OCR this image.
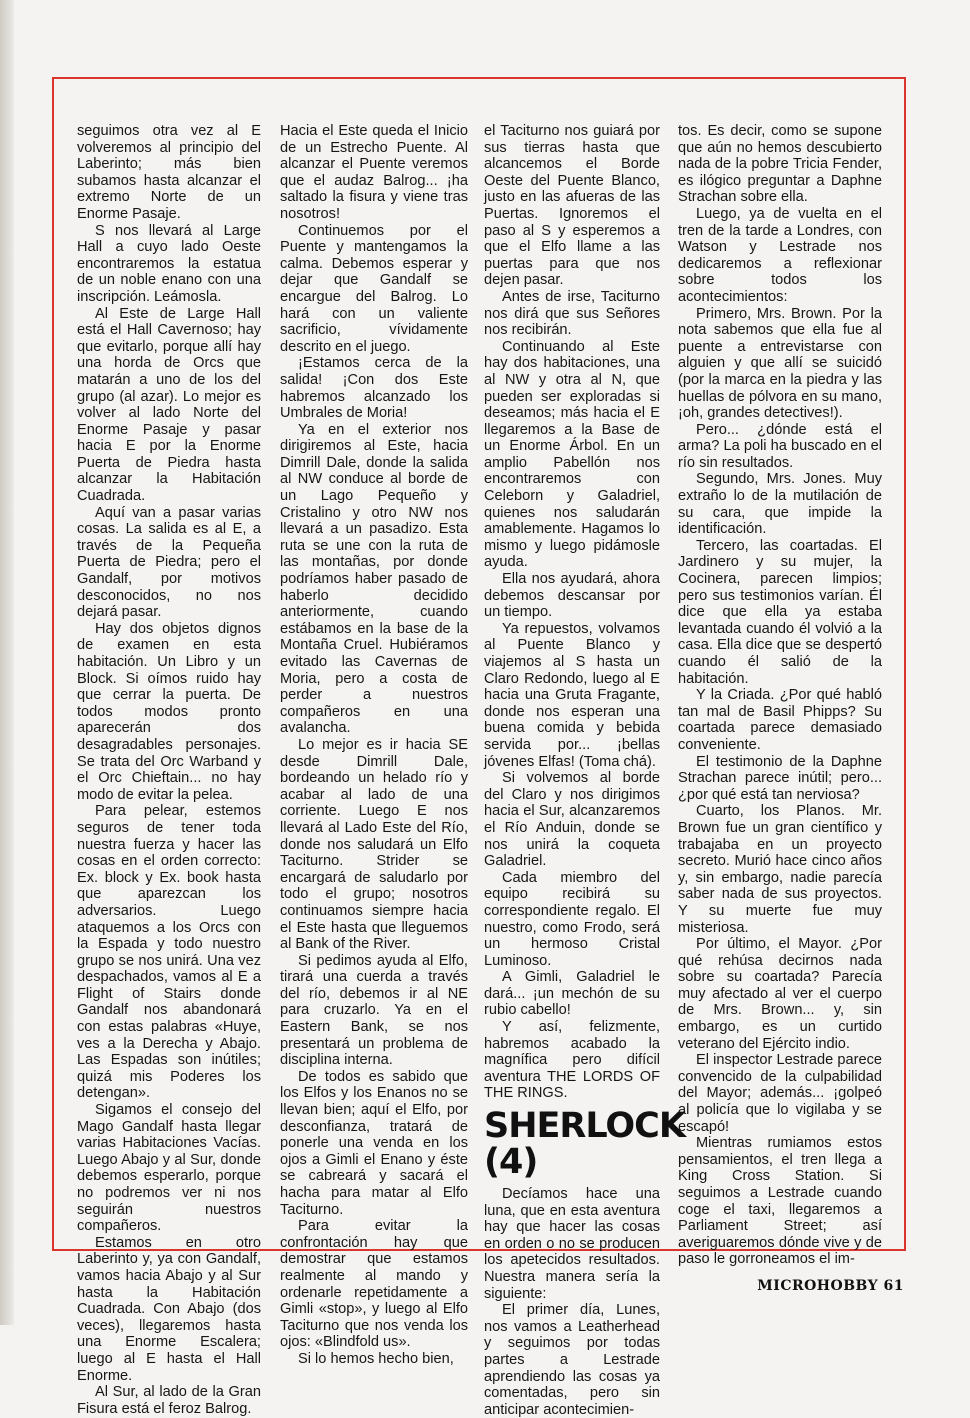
seguimos otra vez al E volveremos al principio del Laberinto; más bien subamos hasta alcanzar el extremo Norte de un Enorme Pasaje.

S nos llevará al Large Hall a cuyo lado Oeste encontraremos la estatua de un noble enano con una inscripción. Leámosla.

Al Este de Large Hall está el Hall Cavernoso; hay que evitarlo, porque allí hay una horda de Orcs que matarán a uno de los del grupo (al azar). Lo mejor es volver al lado Norte del Enorme Pasaje y pasar hacia E por la Enorme Puerta de Piedra hasta alcanzar la Habitación Cuadrada.

Aquí van a pasar varias cosas. La salida es al E, a través de la Pequeña Puerta de Piedra; pero el Gandalf, por motivos desconocidos, no nos dejará pasar.

Hay dos objetos dignos de examen en esta habitación. Un Libro y un Block. Si oímos ruido hay que cerrar la puerta. De todos modos pronto aparecerán dos desagradables personajes. Se trata del Orc Warband y el Orc Chieftain... no hay modo de evitar la pelea.

Para pelear, estemos seguros de tener toda nuestra fuerza y hacer las cosas en el orden correcto: Ex. block y Ex. book hasta que aparezcan los adversarios. Luego ataquemos a los Orcs con la Espada y todo nuestro grupo se nos unirá. Una vez despachados, vamos al E a Flight of Stairs donde Gandalf nos abandonará con estas palabras «Huye, ves a la Derecha y Abajo. Las Espadas son inútiles; quizá mis Poderes los detengan».

Sigamos el consejo del Mago Gandalf hasta llegar varias Habitaciones Vacías. Luego Abajo y al Sur, donde debemos esperarlo, porque no podremos ver ni nos seguirán nuestros compañeros.

Estamos en otro Laberinto y, ya con Gandalf, vamos hacia Abajo y al Sur hasta la Habitación Cuadrada. Con Abajo (dos veces), llegaremos hasta una Enorme Escalera; luego al E hasta el Hall Enorme.

Al Sur, al lado de la Gran Fisura está el feroz Balrog.

Hacia el Este queda el Inicio de un Estrecho Puente. Al alcanzar el Puente veremos que el audaz Balrog... ¡ha saltado la fisura y viene tras nosotros!

Continuemos por el Puente y mantengamos la calma. Debemos esperar y dejar que Gandalf se encargue del Balrog. Lo hará con un valiente sacrificio, vívidamente descrito en el juego.

¡Estamos cerca de la salida! ¡Con dos Este habremos alcanzado los Umbrales de Moria!

Ya en el exterior nos dirigiremos al Este, hacia Dimrill Dale, donde la salida al NW conduce al borde de un Lago Pequeño y Cristalino y otro NW nos llevará a un pasadizo. Esta ruta se une con la ruta de las montañas, por donde podríamos haber pasado de haberlo decidido anteriormente, cuando estábamos en la base de la Montaña Cruel. Hubiéramos evitado las Cavernas de Moria, pero a costa de perder a nuestros compañeros en una avalancha.

Lo mejor es ir hacia SE desde Dimrill Dale, bordeando un helado río y acabar al lado de una corriente. Luego E nos llevará al Lado Este del Río, donde nos saludará un Elfo Taciturno. Strider se encargará de saludarlo por todo el grupo; nosotros continuamos siempre hacia el Este hasta que lleguemos al Bank of the River.

Si pedimos ayuda al Elfo, tirará una cuerda a través del río, debemos ir al NE para cruzarlo. Ya en el Eastern Bank, se nos presentará un problema de disciplina interna.

De todos es sabido que los Elfos y los Enanos no se llevan bien; aquí el Elfo, por desconfianza, tratará de ponerle una venda en los ojos a Gimli el Enano y éste se cabreará y sacará el hacha para matar al Elfo Taciturno.

Para evitar la confrontación hay que demostrar que estamos realmente al mando y ordenarle repetidamente a Gimli «stop», y luego al Elfo Taciturno que nos venda los ojos: «Blindfold us».

Si lo hemos hecho bien,

el Taciturno nos guiará por sus tierras hasta que alcancemos el Borde Oeste del Puente Blanco, justo en las afueras de las Puertas. Ignoremos el paso al S y esperemos a que el Elfo llame a las puertas para que nos dejen pasar.

Antes de irse, Taciturno nos dirá que sus Señores nos recibirán.

Continuando al Este hay dos habitaciones, una al NW y otra al N, que pueden ser exploradas si deseamos; más hacia el E llegaremos a la Base de un Enorme Árbol. En un amplio Pabellón nos encontraremos con Celeborn y Galadriel, quienes nos saludarán amablemente. Hagamos lo mismo y luego pidámosle ayuda.

Ella nos ayudará, ahora debemos descansar por un tiempo.

Ya repuestos, volvamos al Puente Blanco y viajemos al S hasta un Claro Redondo, luego al E hacia una Gruta Fragante, donde nos esperan una buena comida y bebida servida por... ¡bellas jóvenes Elfas! (Toma chá).

Si volvemos al borde del Claro y nos dirigimos hacia el Sur, alcanzaremos el Río Anduin, donde se nos unirá la coqueta Galadriel.

Cada miembro del equipo recibirá su correspondiente regalo. El nuestro, como Frodo, será un hermoso Cristal Luminoso.

A Gimli, Galadriel le dará... ¡un mechón de su rubio cabello!

Y así, felizmente, habremos acabado la magnífica pero difícil aventura THE LORDS OF THE RINGS.

SHERLOCK (4)

Decíamos hace una luna, que en esta aventura hay que hacer las cosas en orden o no se producen los apetecidos resultados. Nuestra manera sería la siguiente:

El primer día, Lunes, nos vamos a Leatherhead y seguimos por todas partes a Lestrade aprendiendo las cosas ya comentadas, pero sin anticipar acontecimien-

tos. Es decir, como se supone que aún no hemos descubierto nada de la pobre Tricia Fender, es ilógico preguntar a Daphne Strachan sobre ella.

Luego, ya de vuelta en el tren de la tarde a Londres, con Watson y Lestrade nos dedicaremos a reflexionar sobre todos los acontecimientos:

Primero, Mrs. Brown. Por la nota sabemos que ella fue al puente a entrevistarse con alguien y que allí se suicidó (por la marca en la piedra y las huellas de pólvora en su mano, ¡oh, grandes detectives!).

Pero... ¿dónde está el arma? La poli ha buscado en el río sin resultados.

Segundo, Mrs. Jones. Muy extraño lo de la mutilación de su cara, que impide la identificación.

Tercero, las coartadas. El Jardinero y su mujer, la Cocinera, parecen limpios; pero sus testimonios varían. Él dice que ella ya estaba levantada cuando él volvió a la casa. Ella dice que se despertó cuando él salió de la habitación.

Y la Criada. ¿Por qué habló tan mal de Basil Phipps? Su coartada parece demasiado conveniente.

El testimonio de la Daphne Strachan parece inútil; pero... ¿por qué está tan nerviosa?

Cuarto, los Planos. Mr. Brown fue un gran científico y trabajaba en un proyecto secreto. Murió hace cinco años y, sin embargo, nadie parecía saber nada de sus proyectos. Y su muerte fue muy misteriosa.

Por último, el Mayor. ¿Por qué rehúsa decirnos nada sobre su coartada? Parecía muy afectado al ver el cuerpo de Mrs. Brown... y, sin embargo, es un curtido veterano del Ejército indio.

El inspector Lestrade parece convencido de la culpabilidad del Mayor; además... ¡golpeó al policía que lo vigilaba y se escapó!

Mientras rumiamos estos pensamientos, el tren llega a King Cross Station. Si seguimos a Lestrade cuando coge el taxi, llegaremos a Parliament Street; así averiguaremos dónde vive y de paso le gorroneamos el im-

MICROHOBBY 61
